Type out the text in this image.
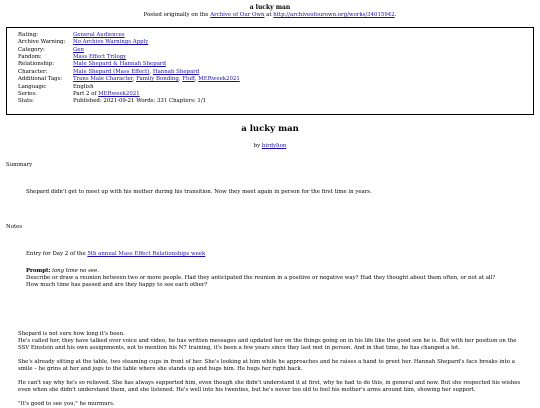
a lucky man
Posted originally on the Archive of Our Own at http://archiveofourown.org/works/34015942.
Rating:	General Audiences
Archive Warning:	No Archive Warnings Apply
Category:	Gen
Fandom:	Mass Effect Trilogy
Relationship:	Male Shepard & Hannah Shepard
Character:	Male Shepard (Mass Effect), Hannah Shepard
Additional Tags:	Trans Male Character, Family Bonding, Fluff, MERweek2021
Language:	English
Series:	Part 2 of MERweek2021
Stats:	Published: 2021-09-21 Words: 331 Chapters: 1/1
a lucky man
by birdylion
Summary
Shepard didn't get to meet up with his mother during his transition. Now they meet again in person for the first time in years.
Notes
Entry for Day 2 of the 5th annual Mass Effect Relationships week
Prompt: long time no see.
Describe or draw a reunion between two or more people. Had they anticipated the reunion in a positive or negative way? Had they thought about them often, or not at all? How much time has passed and are they happy to see each other?

Shepard is not sure how long it's been.

He's called her, they have talked over voice and video, he has written messages and updated her on the things going on in his life like the good son he is. But with her position on the SSV Einstein and his own assignments, not to mention his N7 training, it's been a few years since they last met in person. And in that time, he has changed a lot.

She's already sitting at the table, two steaming cups in front of her. She's looking at him while he approaches and he raises a hand to greet her. Hannah Shepard's face breaks into a smile – he grins at her and jogs to the table where she stands up and hugs him. He hugs her right back.

He can't say why he's so relieved. She has always supported him, even though she didn't understand it at first, why he had to do this, in general and now. But she respected his wishes even when she didn't understand them, and she listened. He's well into his twenties, but he's never too old to feel his mother's arms around him, showing her support.

"It's good to see you," he murmurs.
